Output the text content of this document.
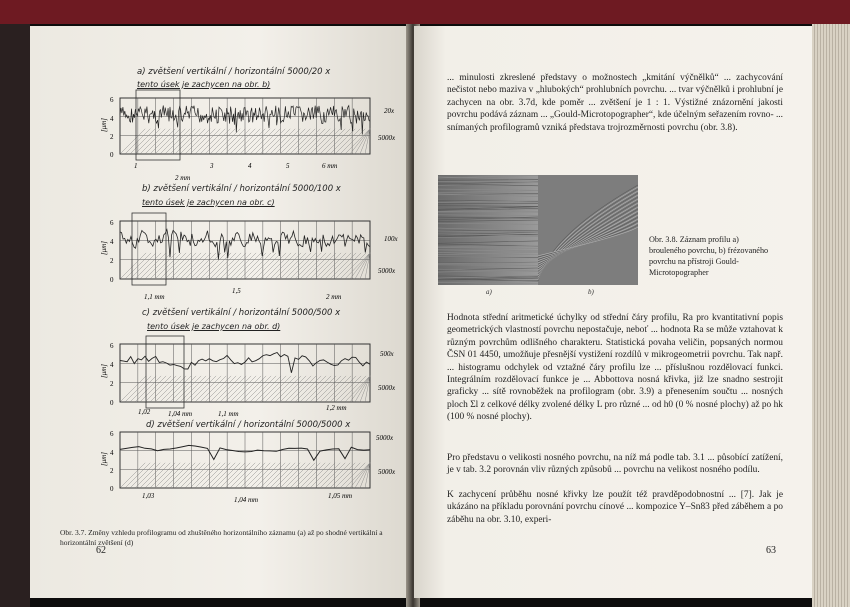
a) zvětšení vertikální / horizontální 5000/20 x
tento úsek je zachycen na obr. b)
6
4
2
0
[μm]
1
2 mm
3	4	5	6 mm
20x
5000x
b) zvětšení vertikální / horizontální 5000/100 x
tento úsek je zachycen na obr. c)
6
4
2
0
[μm]
1,1 mm
1,5
2 mm
100x
5000x
c) zvětšení vertikální / horizontální 5000/500 x
tento úsek je zachycen na obr. d)
6
4
2
0
[μm]
1,02	1,04 mm	1,1 mm
1,2 mm
500x
5000x
d) zvětšení vertikální / horizontální 5000/5000 x
6
4
2
0
[μm]
1,03	1,04 mm	1,05 mm
5000x
5000x
Obr. 3.7. Změny vzhledu profilogramu od zhuštěného horizontálního záznamu (a) až po shodné vertikální a horizontální zvětšení (d)
62
... minulosti zkreslené představy o možnostech „kmitání výčnělků“ ... zachycování nečistot nebo maziva v „hlubokých“ prohlubních povrchu. ... tvar výčnělků i prohlubní je zachycen na obr. 3.7d, kde poměr ... zvětšení je 1 : 1. Výstižné znázornění jakosti povrchu podává záznam ... „Gould-Microtopographer“, kde účelným seřazením rovno- ... snímaných profilogramů vzniká představa trojrozměrnosti povrchu (obr. 3.8).
a)	b)
Obr. 3.8. Záznam profilu a) brouleného povrchu, b) frézovaného povrchu na přístroji Gould-Microtopographer
Hodnota střední aritmetické úchylky od střední čáry profilu, Ra pro kvantitativní popis geometrických vlastností povrchu nepostačuje, neboť ... hodnota Ra se může vztahovat k různým povrchům odlišného charakteru. Statistická povaha veličin, popsaných normou ČSN 01 4450, umožňuje přesnější vystižení rozdílů v mikrogeometrii povrchu. Tak např. ... histogramu odchylek od vztažné čáry profilu lze ... příslušnou rozdělovací funkci. Integrálním rozdělovací funkce je ... Abbottova nosná křivka, již lze snadno sestrojit graficky ... sítě rovnoběžek na profilogram (obr. 3.9) a přenesením součtu ... nosných ploch Σl z celkové délky zvolené délky L pro různé ... od h0 (0 % nosné plochy) až po hk (100 % nosné plochy).
Pro představu o velikosti nosného povrchu, na níž má podle tab. 3.1 ... působící zatížení, je v tab. 3.2 porovnán vliv různých způsobů ... povrchu na velikost nosného podílu.
K zachycení průběhu nosné křivky lze použít též pravděpodobnostní ... [7]. Jak je ukázáno na příkladu porovnání povrchu cínové ... kompozice Y–Sn83 před záběhem a po záběhu na obr. 3.10, experi-
63
